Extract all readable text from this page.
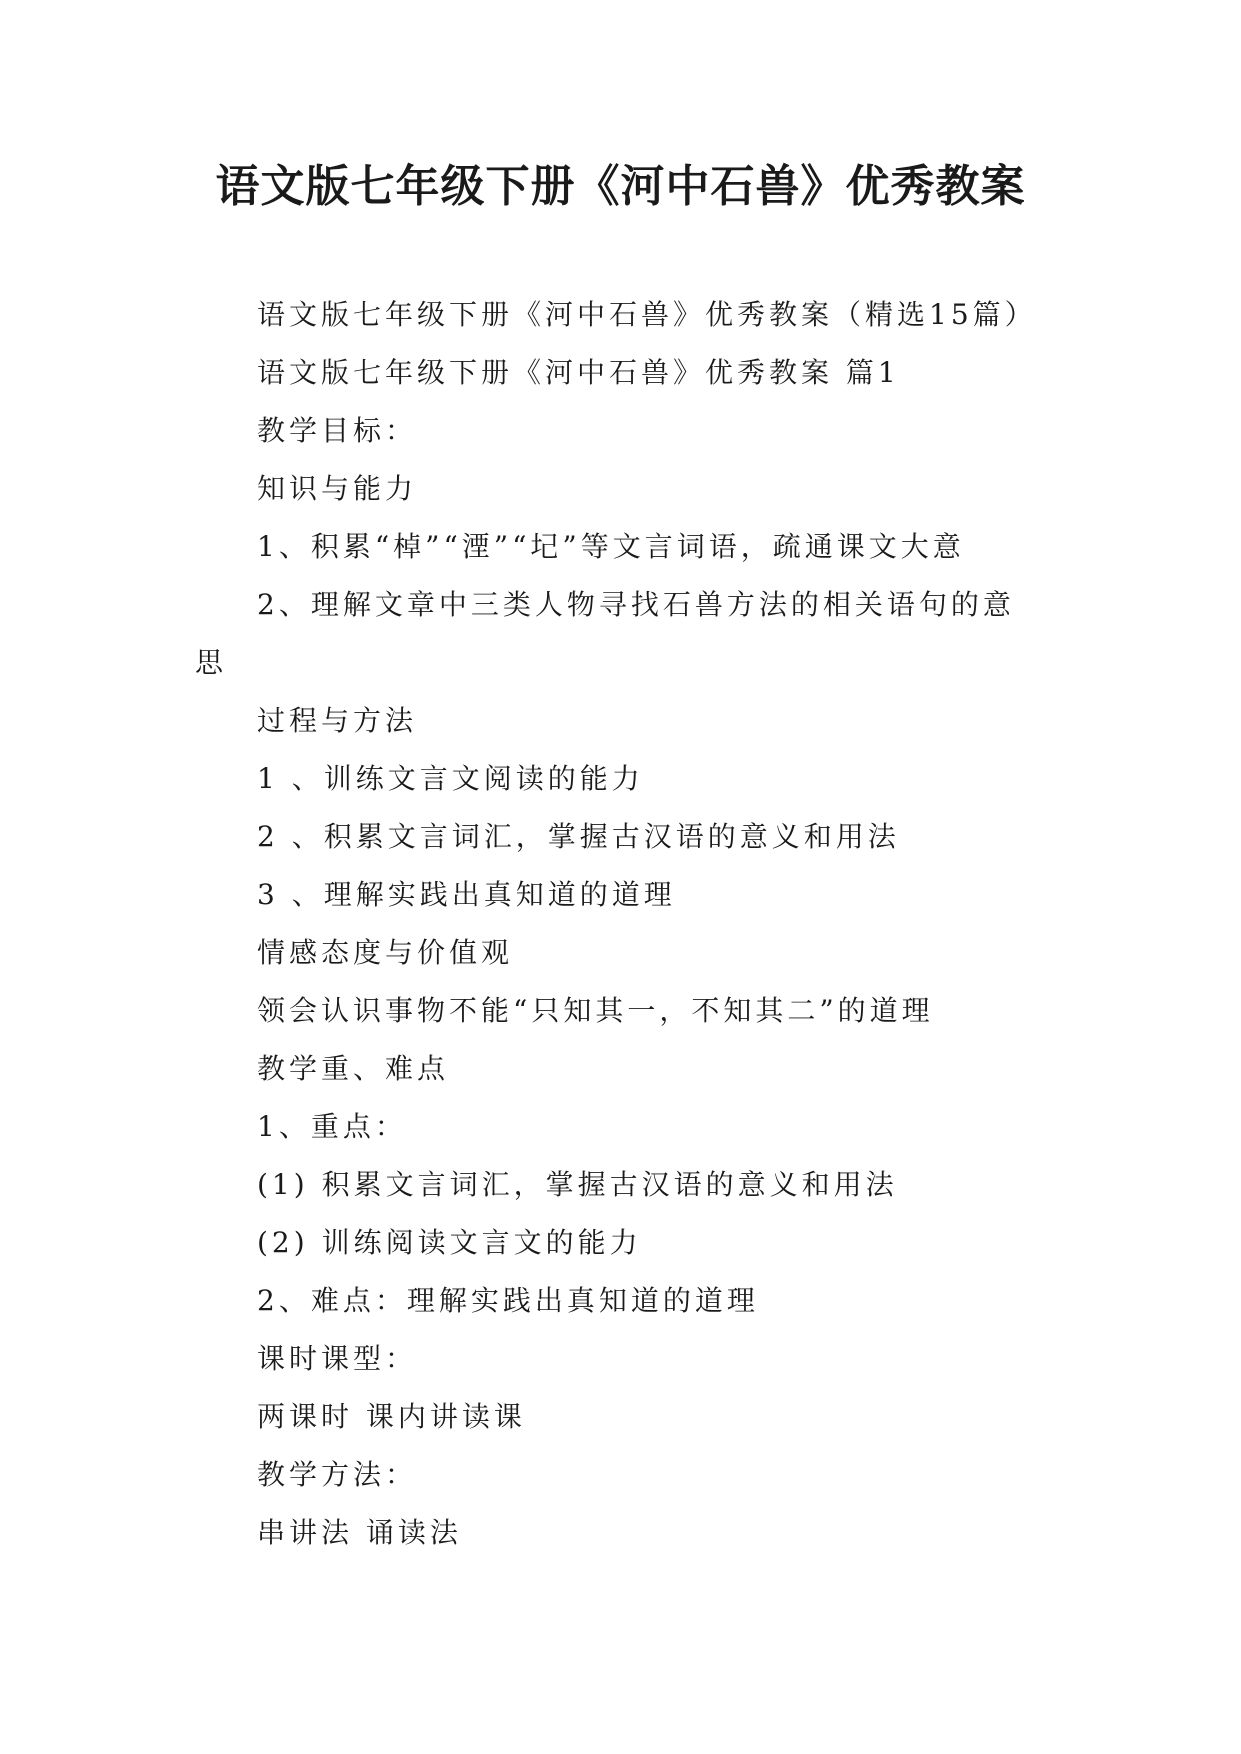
语文版七年级下册《河中石兽》优秀教案
语文版七年级下册《河中石兽》优秀教案（精选15篇）
语文版七年级下册《河中石兽》优秀教案 篇1
教学目标：
知识与能力
1、积累“棹”“湮”“圮”等文言词语，疏通课文大意
2、理解文章中三类人物寻找石兽方法的相关语句的意
思
过程与方法
1 、训练文言文阅读的能力
2 、积累文言词汇，掌握古汉语的意义和用法
3 、理解实践出真知道的道理
情感态度与价值观
领会认识事物不能“只知其一，不知其二”的道理
教学重、难点
1、重点：
(1) 积累文言词汇，掌握古汉语的意义和用法
(2) 训练阅读文言文的能力
2、难点：理解实践出真知道的道理
课时课型：
两课时 课内讲读课
教学方法：
串讲法 诵读法
